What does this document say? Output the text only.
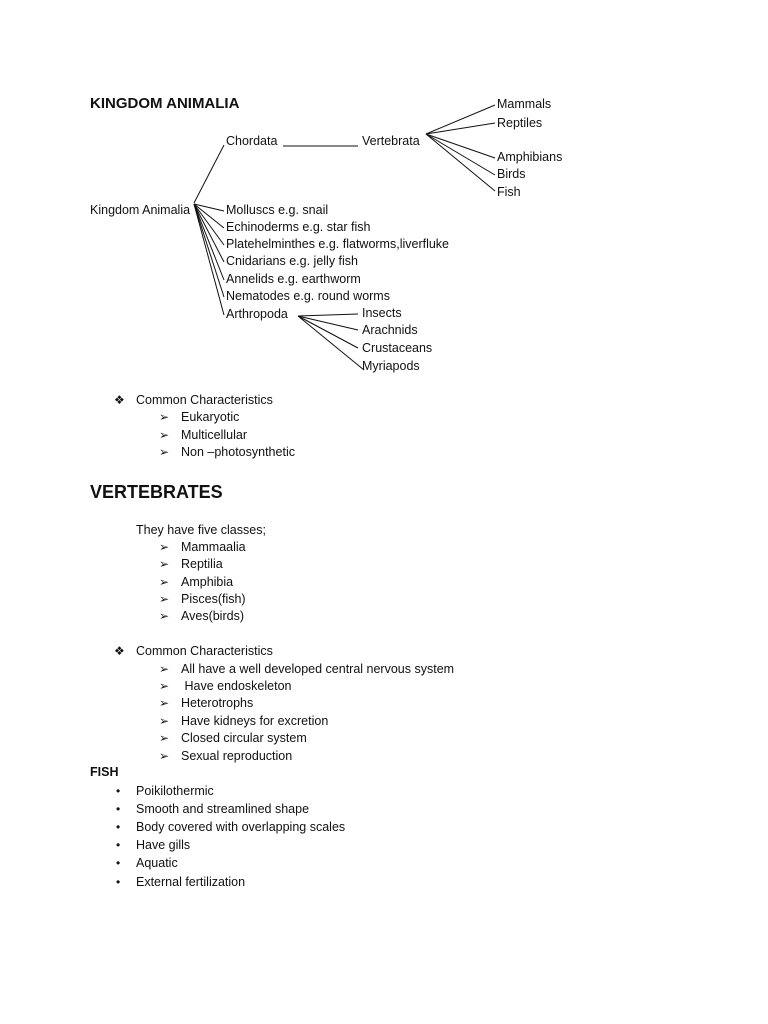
KINGDOM ANIMALIA
Kingdom Animalia
Chordata	Vertebrata
Mammals
Reptiles
Amphibians
Birds
Fish
Molluscs e.g. snail
Echinoderms e.g. star fish
Platehelminthes e.g. flatworms,liverfluke
Cnidarians e.g. jelly fish
Annelids e.g. earthworm
Nematodes e.g. round worms
Arthropoda	Insects
Arachnids
Crustaceans
Myriapods
❖ Common Characteristics
➢ Eukaryotic
➢ Multicellular
➢ Non –photosynthetic
VERTEBRATES
They have five classes;
➢ Mammaalia
➢ Reptilia
➢ Amphibia
➢ Pisces(fish)
➢ Aves(birds)
❖ Common Characteristics
➢ All have a well developed central nervous system
➢ Have endoskeleton
➢ Heterotrophs
➢ Have kidneys for excretion
➢ Closed circular system
➢ Sexual reproduction
FISH
• Poikilothermic
• Smooth and streamlined shape
• Body covered with overlapping scales
• Have gills
• Aquatic
• External fertilization
